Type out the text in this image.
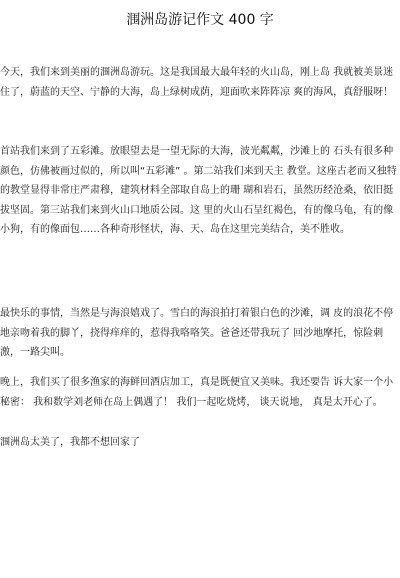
涠洲岛游记作文 400 字

今天，我们来到美丽的涠洲岛游玩。这是我国最大最年轻的火山岛，刚上岛 我就被美景迷住了，蔚蓝的天空、宁静的大海，岛上绿树成荫，迎面吹来阵阵凉 爽的海风，真舒服呀！

首站我们来到了五彩滩。放眼望去是一望无际的大海，波光粼粼，沙滩上的 石头有很多种颜色，仿佛被画过似的，所以叫“五彩滩” 。第二站我们来到天主 教堂。这座古老而又独特的教堂显得非常庄严肃穆，建筑材料全部取自岛上的珊 瑚和岩石，虽然历经沧桑，依旧挺拔坚固。第三站我们来到火山口地质公园。这 里的火山石呈红褐色，有的像乌龟，有的像小狗，有的像面包……各种奇形怪状，海、天、岛在这里完美结合，美不胜收。

最快乐的事情，当然是与海浪嬉戏了。雪白的海浪拍打着银白色的沙滩，调 皮的浪花不停地亲吻着我的脚丫，挠得痒痒的，惹得我咯咯笑。爸爸还带我玩了 回沙地摩托，惊险刺激，一路尖叫。

晚上，我们买了很多渔家的海鲜回酒店加工，真是既便宜又美味。我还要告 诉大家一个小秘密： 我和数学刘老师在岛上偶遇了！ 我们一起吃烧烤， 谈天说地， 真是太开心了。

涠洲岛太美了，我都不想回家了
